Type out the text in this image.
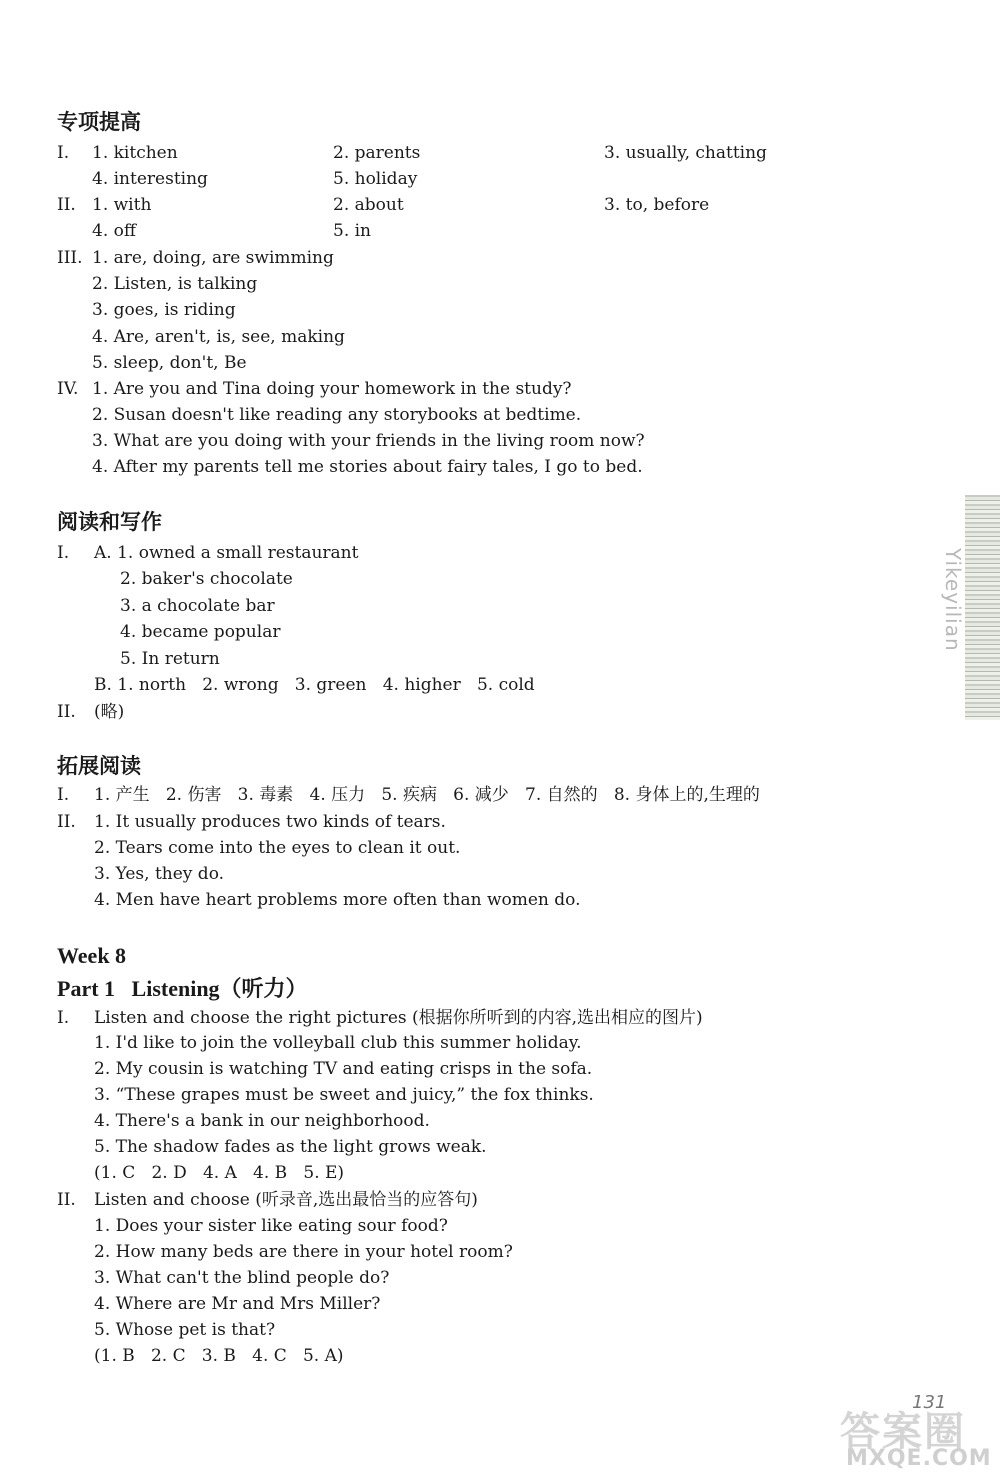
专项提高
I. 1. kitchen	2. parents	3. usually, chatting
4. interesting	5. holiday
II. 1. with	2. about	3. to, before
4. off	5. in
III. 1. are, doing, are swimming
2. Listen, is talking
3. goes, is riding
4. Are, aren't, is, see, making
5. sleep, don't, Be
IV. 1. Are you and Tina doing your homework in the study?
2. Susan doesn't like reading any storybooks at bedtime.
3. What are you doing with your friends in the living room now?
4. After my parents tell me stories about fairy tales, I go to bed.
阅读和写作
I. A. 1. owned a small restaurant
2. baker's chocolate
3. a chocolate bar
4. became popular
5. In return
B. 1. north   2. wrong   3. green   4. higher   5. cold
II. (略)
拓展阅读
I. 1. 产生   2. 伤害   3. 毒素   4. 压力   5. 疾病   6. 减少   7. 自然的   8. 身体上的,生理的
II. 1. It usually produces two kinds of tears.
2. Tears come into the eyes to clean it out.
3. Yes, they do.
4. Men have heart problems more often than women do.
Week 8
Part 1   Listening（听力）
I. Listen and choose the right pictures (根据你所听到的内容,选出相应的图片)
1. I'd like to join the volleyball club this summer holiday.
2. My cousin is watching TV and eating crisps in the sofa.
3. “These grapes must be sweet and juicy,” the fox thinks.
4. There's a bank in our neighborhood.
5. The shadow fades as the light grows weak.
(1. C   2. D   4. A   4. B   5. E)
II. Listen and choose (听录音,选出最恰当的应答句)
1. Does your sister like eating sour food?
2. How many beds are there in your hotel room?
3. What can't the blind people do?
4. Where are Mr and Mrs Miller?
5. Whose pet is that?
(1. B   2. C   3. B   4. C   5. A)
Yikeyilian
131
答案圈
MXQE.COM
